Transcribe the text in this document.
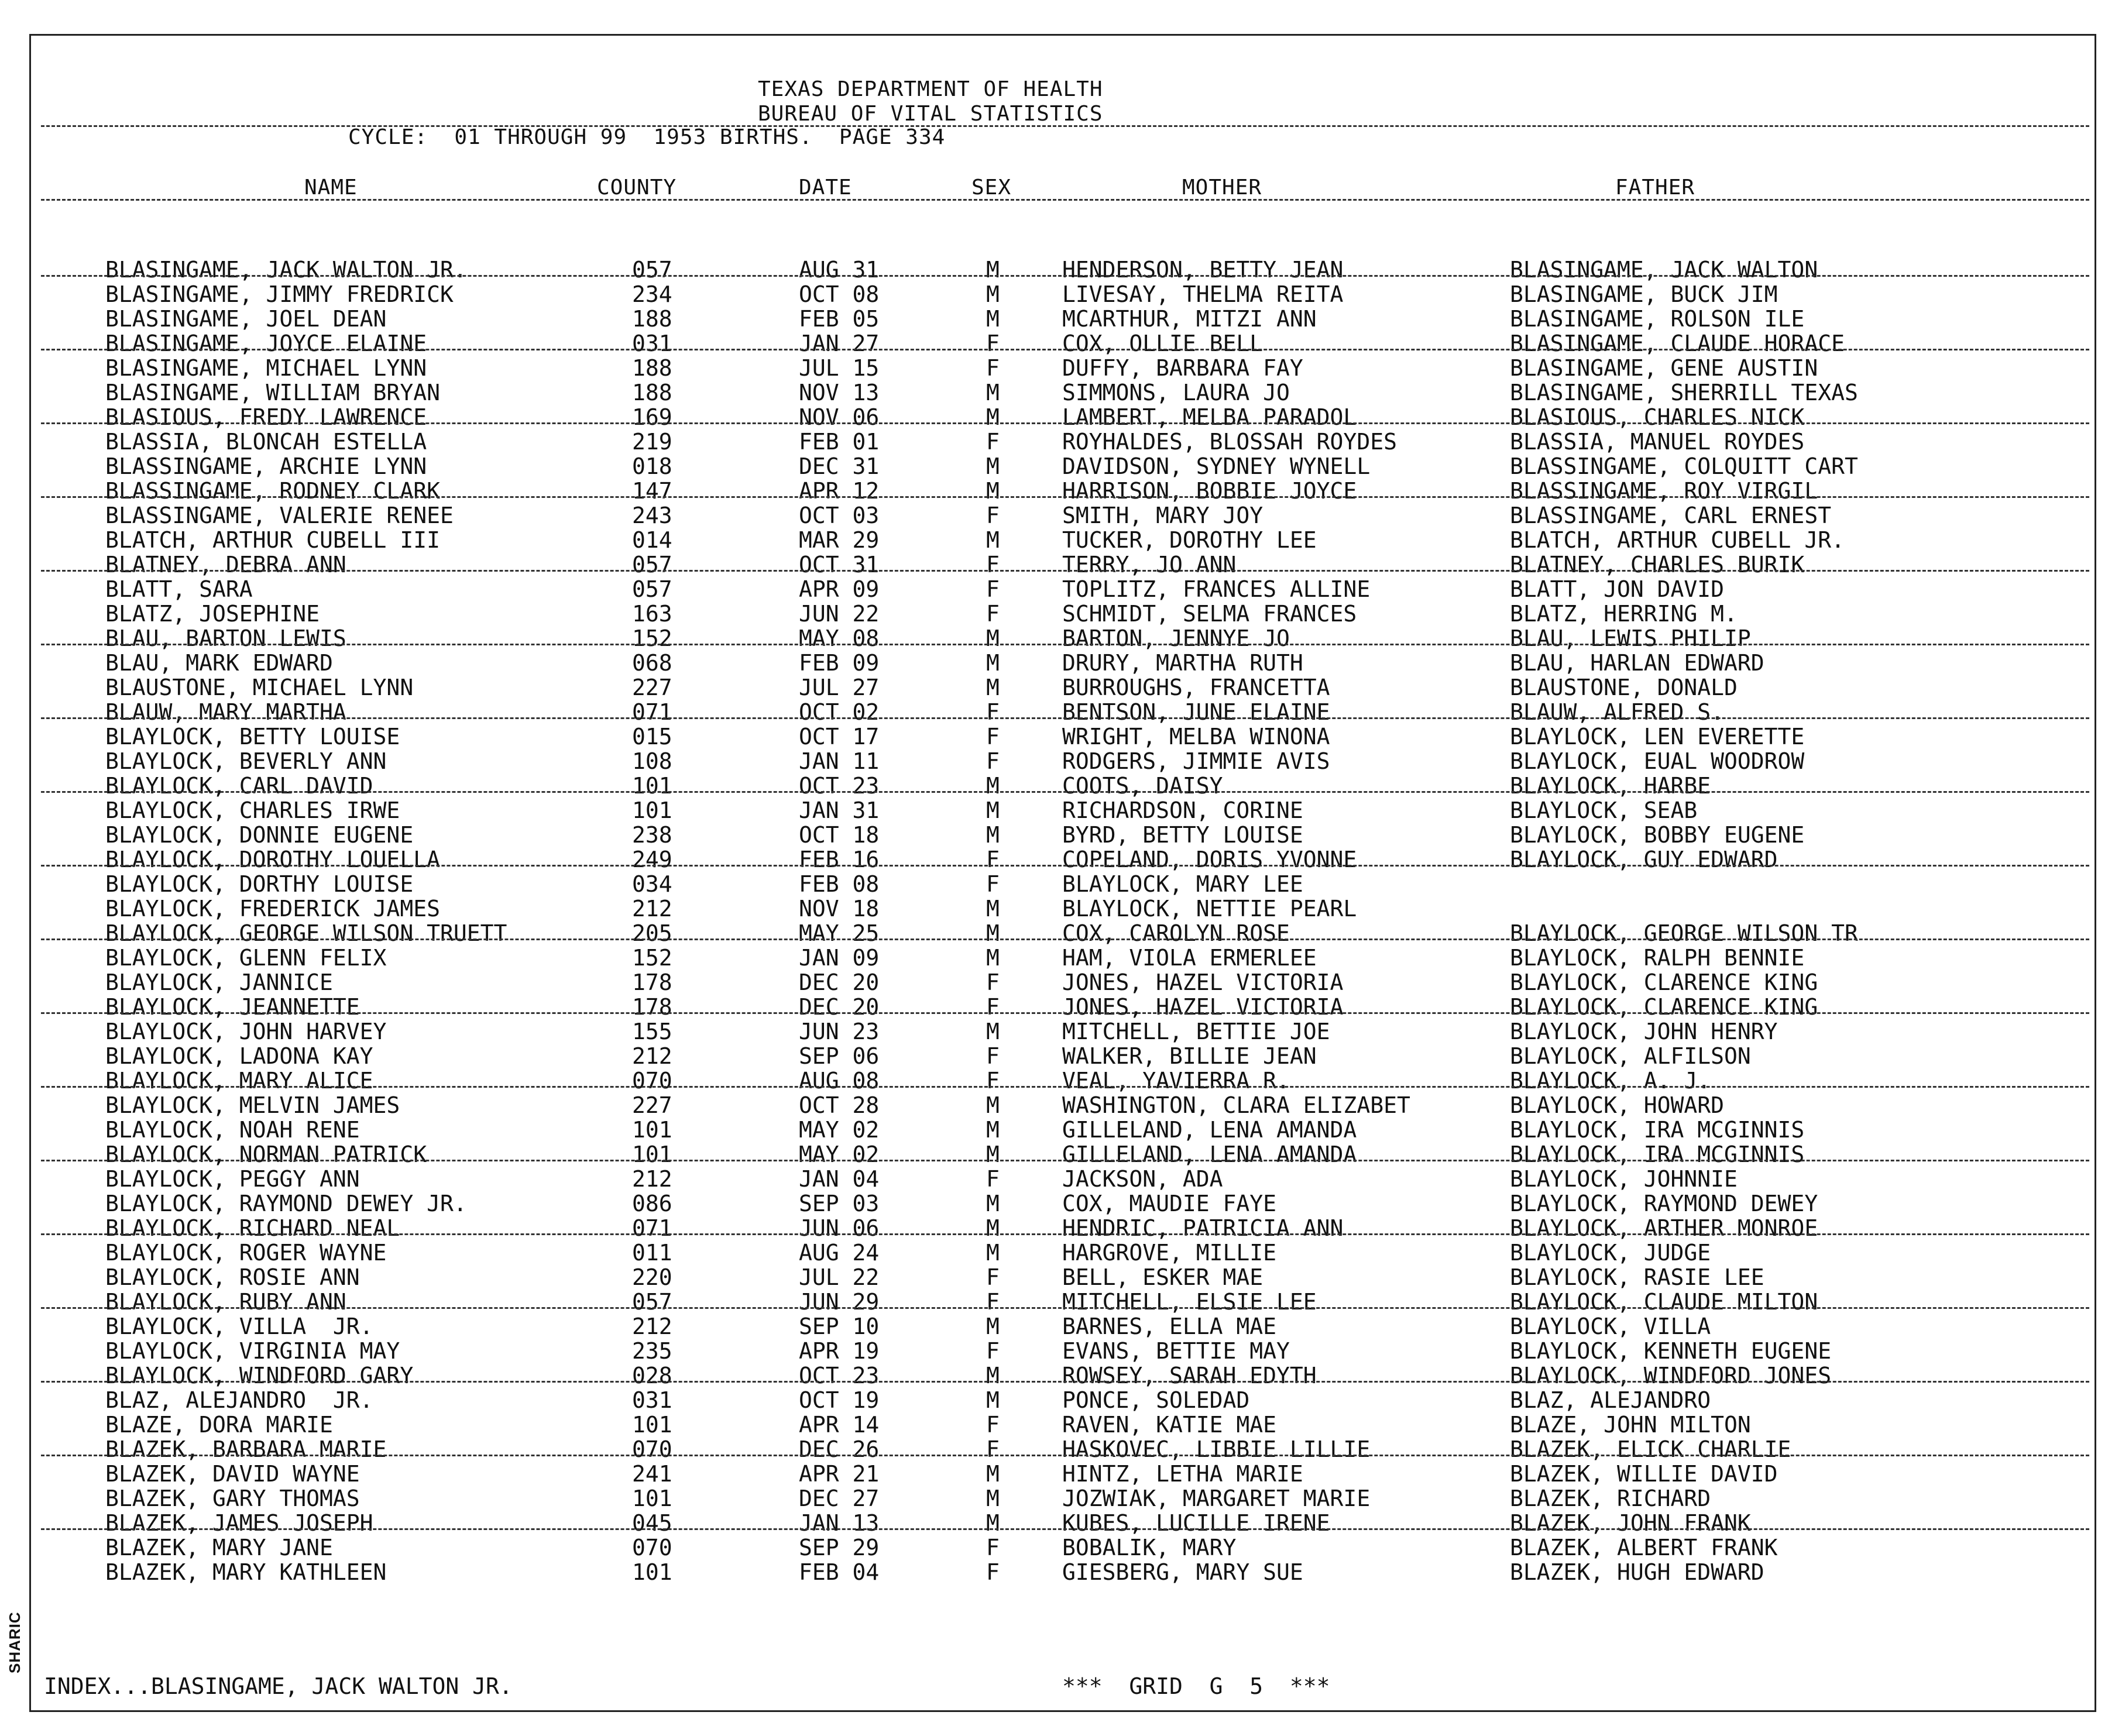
SHARIC
TEXAS DEPARTMENT OF HEALTH
BUREAU OF VITAL STATISTICS
CYCLE:  01 THROUGH 99  1953 BIRTHS.  PAGE 334
NAME	COUNTY	DATE	SEX	MOTHER	FATHER
BLASINGAME, JACK WALTON JR.	057	AUG 31	M	HENDERSON, BETTY JEAN	BLASINGAME, JACK WALTON
BLASINGAME, JIMMY FREDRICK	234	OCT 08	M	LIVESAY, THELMA REITA	BLASINGAME, BUCK JIM
BLASINGAME, JOEL DEAN	188	FEB 05	M	MCARTHUR, MITZI ANN	BLASINGAME, ROLSON ILE
BLASINGAME, JOYCE ELAINE	031	JAN 27	F	COX, OLLIE BELL	BLASINGAME, CLAUDE HORACE
BLASINGAME, MICHAEL LYNN	188	JUL 15	F	DUFFY, BARBARA FAY	BLASINGAME, GENE AUSTIN
BLASINGAME, WILLIAM BRYAN	188	NOV 13	M	SIMMONS, LAURA JO	BLASINGAME, SHERRILL TEXAS
BLASIOUS, FREDY LAWRENCE	169	NOV 06	M	LAMBERT, MELBA PARADOL	BLASIOUS, CHARLES NICK
BLASSIA, BLONCAH ESTELLA	219	FEB 01	F	ROYHALDES, BLOSSAH ROYDES	BLASSIA, MANUEL ROYDES
BLASSINGAME, ARCHIE LYNN	018	DEC 31	M	DAVIDSON, SYDNEY WYNELL	BLASSINGAME, COLQUITT CART
BLASSINGAME, RODNEY CLARK	147	APR 12	M	HARRISON, BOBBIE JOYCE	BLASSINGAME, ROY VIRGIL
BLASSINGAME, VALERIE RENEE	243	OCT 03	F	SMITH, MARY JOY	BLASSINGAME, CARL ERNEST
BLATCH, ARTHUR CUBELL III	014	MAR 29	M	TUCKER, DOROTHY LEE	BLATCH, ARTHUR CUBELL JR.
BLATNEY, DEBRA ANN	057	OCT 31	F	TERRY, JO ANN	BLATNEY, CHARLES BURIK
BLATT, SARA	057	APR 09	F	TOPLITZ, FRANCES ALLINE	BLATT, JON DAVID
BLATZ, JOSEPHINE	163	JUN 22	F	SCHMIDT, SELMA FRANCES	BLATZ, HERRING M.
BLAU, BARTON LEWIS	152	MAY 08	M	BARTON, JENNYE JO	BLAU, LEWIS PHILIP
BLAU, MARK EDWARD	068	FEB 09	M	DRURY, MARTHA RUTH	BLAU, HARLAN EDWARD
BLAUSTONE, MICHAEL LYNN	227	JUL 27	M	BURROUGHS, FRANCETTA	BLAUSTONE, DONALD
BLAUW, MARY MARTHA	071	OCT 02	F	BENTSON, JUNE ELAINE	BLAUW, ALFRED S.
BLAYLOCK, BETTY LOUISE	015	OCT 17	F	WRIGHT, MELBA WINONA	BLAYLOCK, LEN EVERETTE
BLAYLOCK, BEVERLY ANN	108	JAN 11	F	RODGERS, JIMMIE AVIS	BLAYLOCK, EUAL WOODROW
BLAYLOCK, CARL DAVID	101	OCT 23	M	COOTS, DAISY	BLAYLOCK, HARBE
BLAYLOCK, CHARLES IRWE	101	JAN 31	M	RICHARDSON, CORINE	BLAYLOCK, SEAB
BLAYLOCK, DONNIE EUGENE	238	OCT 18	M	BYRD, BETTY LOUISE	BLAYLOCK, BOBBY EUGENE
BLAYLOCK, DOROTHY LOUELLA	249	FEB 16	F	COPELAND, DORIS YVONNE	BLAYLOCK, GUY EDWARD
BLAYLOCK, DORTHY LOUISE	034	FEB 08	F	BLAYLOCK, MARY LEE
BLAYLOCK, FREDERICK JAMES	212	NOV 18	M	BLAYLOCK, NETTIE PEARL
BLAYLOCK, GEORGE WILSON TRUETT	205	MAY 25	M	COX, CAROLYN ROSE	BLAYLOCK, GEORGE WILSON TR
BLAYLOCK, GLENN FELIX	152	JAN 09	M	HAM, VIOLA ERMERLEE	BLAYLOCK, RALPH BENNIE
BLAYLOCK, JANNICE	178	DEC 20	F	JONES, HAZEL VICTORIA	BLAYLOCK, CLARENCE KING
BLAYLOCK, JEANNETTE	178	DEC 20	F	JONES, HAZEL VICTORIA	BLAYLOCK, CLARENCE KING
BLAYLOCK, JOHN HARVEY	155	JUN 23	M	MITCHELL, BETTIE JOE	BLAYLOCK, JOHN HENRY
BLAYLOCK, LADONA KAY	212	SEP 06	F	WALKER, BILLIE JEAN	BLAYLOCK, ALFILSON
BLAYLOCK, MARY ALICE	070	AUG 08	F	VEAL, YAVIERRA R.	BLAYLOCK, A. J.
BLAYLOCK, MELVIN JAMES	227	OCT 28	M	WASHINGTON, CLARA ELIZABET	BLAYLOCK, HOWARD
BLAYLOCK, NOAH RENE	101	MAY 02	M	GILLELAND, LENA AMANDA	BLAYLOCK, IRA MCGINNIS
BLAYLOCK, NORMAN PATRICK	101	MAY 02	M	GILLELAND, LENA AMANDA	BLAYLOCK, IRA MCGINNIS
BLAYLOCK, PEGGY ANN	212	JAN 04	F	JACKSON, ADA	BLAYLOCK, JOHNNIE
BLAYLOCK, RAYMOND DEWEY JR.	086	SEP 03	M	COX, MAUDIE FAYE	BLAYLOCK, RAYMOND DEWEY
BLAYLOCK, RICHARD NEAL	071	JUN 06	M	HENDRIC, PATRICIA ANN	BLAYLOCK, ARTHER MONROE
BLAYLOCK, ROGER WAYNE	011	AUG 24	M	HARGROVE, MILLIE	BLAYLOCK, JUDGE
BLAYLOCK, ROSIE ANN	220	JUL 22	F	BELL, ESKER MAE	BLAYLOCK, RASIE LEE
BLAYLOCK, RUBY ANN	057	JUN 29	F	MITCHELL, ELSIE LEE	BLAYLOCK, CLAUDE MILTON
BLAYLOCK, VILLA  JR.	212	SEP 10	M	BARNES, ELLA MAE	BLAYLOCK, VILLA
BLAYLOCK, VIRGINIA MAY	235	APR 19	F	EVANS, BETTIE MAY	BLAYLOCK, KENNETH EUGENE
BLAYLOCK, WINDFORD GARY	028	OCT 23	M	ROWSEY, SARAH EDYTH	BLAYLOCK, WINDFORD JONES
BLAZ, ALEJANDRO  JR.	031	OCT 19	M	PONCE, SOLEDAD	BLAZ, ALEJANDRO
BLAZE, DORA MARIE	101	APR 14	F	RAVEN, KATIE MAE	BLAZE, JOHN MILTON
BLAZEK, BARBARA MARIE	070	DEC 26	F	HASKOVEC, LIBBIE LILLIE	BLAZEK, ELICK CHARLIE
BLAZEK, DAVID WAYNE	241	APR 21	M	HINTZ, LETHA MARIE	BLAZEK, WILLIE DAVID
BLAZEK, GARY THOMAS	101	DEC 27	M	JOZWIAK, MARGARET MARIE	BLAZEK, RICHARD
BLAZEK, JAMES JOSEPH	045	JAN 13	M	KUBES, LUCILLE IRENE	BLAZEK, JOHN FRANK
BLAZEK, MARY JANE	070	SEP 29	F	BOBALIK, MARY	BLAZEK, ALBERT FRANK
BLAZEK, MARY KATHLEEN	101	FEB 04	F	GIESBERG, MARY SUE	BLAZEK, HUGH EDWARD
INDEX...BLASINGAME, JACK WALTON JR.	***  GRID  G  5  ***
